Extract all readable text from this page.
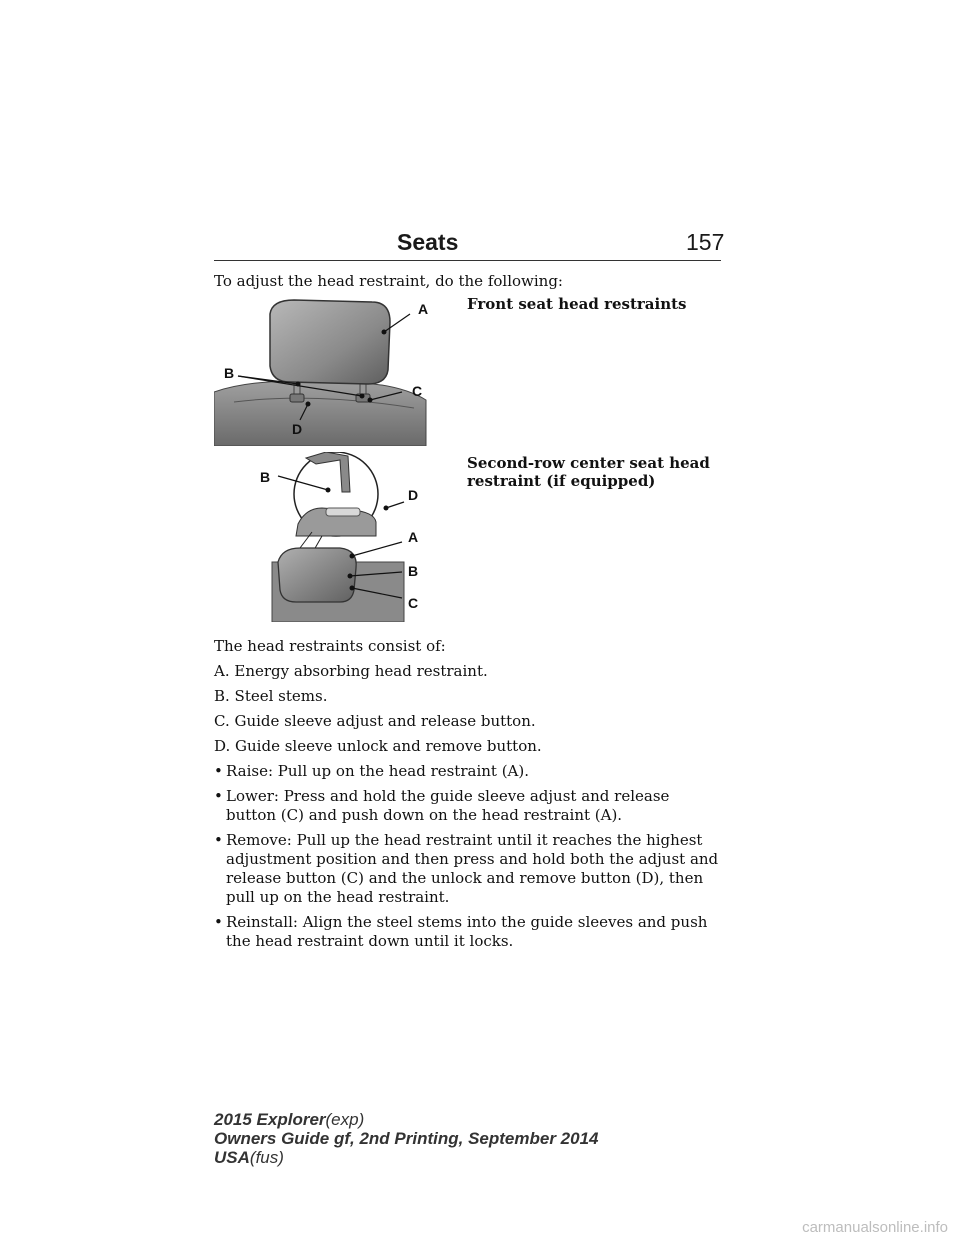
Seats	157
To adjust the head restraint, do the following:
A
B
C
D
Front seat head restraints
B
D
A
B
C
Second-row center seat head restraint (if equipped)

The head restraints consist of:

A. Energy absorbing head restraint.

B. Steel stems.

C. Guide sleeve adjust and release button.

D. Guide sleeve unlock and remove button.

• Raise: Pull up on the head restraint (A).
• Lower: Press and hold the guide sleeve adjust and release button (C) and push down on the head restraint (A).
• Remove: Pull up the head restraint until it reaches the highest adjustment position and then press and hold both the adjust and release button (C) and the unlock and remove button (D), then pull up on the head restraint.
• Reinstall: Align the steel stems into the guide sleeves and push the head restraint down until it locks.
2015 Explorer(exp)
Owners Guide gf, 2nd Printing, September 2014
USA(fus)
carmanualsonline.info
